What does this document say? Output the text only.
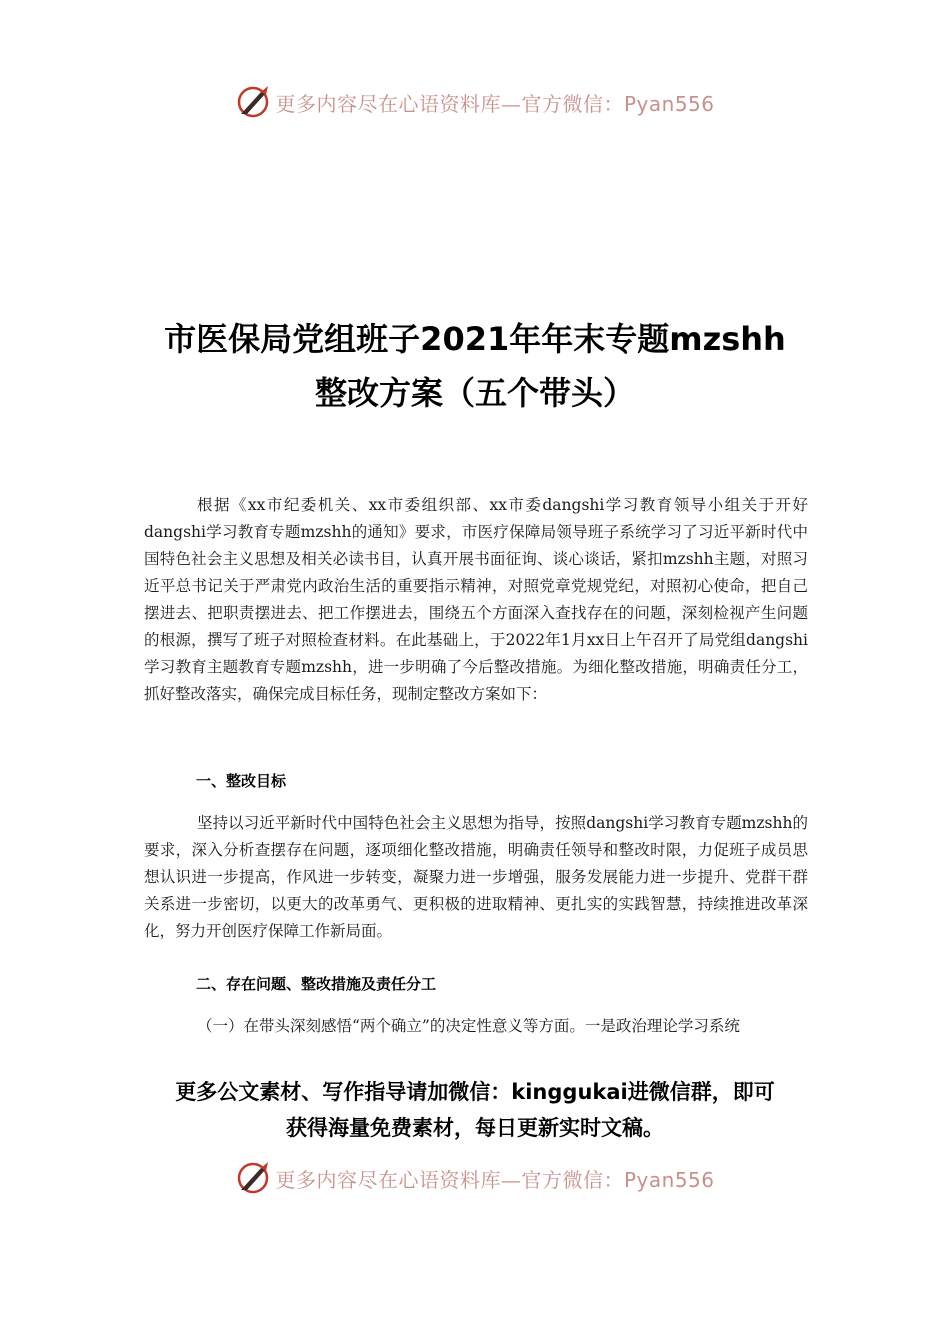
更多内容尽在心语资料库—官方微信：Pyan556
市医保局党组班子2021年年末专题mzshh
整改方案（五个带头）
根据《xx市纪委机关、xx市委组织部、xx市委dangshi学习教育领导小组关于开好dangshi学习教育专题mzshh的通知》要求，市医疗保障局领导班子系统学习了习近平新时代中国特色社会主义思想及相关必读书目，认真开展书面征询、谈心谈话，紧扣mzshh主题，对照习近平总书记关于严肃党内政治生活的重要指示精神，对照党章党规党纪，对照初心使命，把自己摆进去、把职责摆进去、把工作摆进去，围绕五个方面深入查找存在的问题，深刻检视产生问题的根源，撰写了班子对照检查材料。在此基础上，于2022年1月xx日上午召开了局党组dangshi学习教育主题教育专题mzshh，进一步明确了今后整改措施。为细化整改措施，明确责任分工，抓好整改落实，确保完成目标任务，现制定整改方案如下：
一、整改目标
坚持以习近平新时代中国特色社会主义思想为指导，按照dangshi学习教育专题mzshh的要求，深入分析查摆存在问题，逐项细化整改措施，明确责任领导和整改时限，力促班子成员思想认识进一步提高，作风进一步转变，凝聚力进一步增强，服务发展能力进一步提升、党群干群关系进一步密切，以更大的改革勇气、更积极的进取精神、更扎实的实践智慧，持续推进改革深化，努力开创医疗保障工作新局面。
二、存在问题、整改措施及责任分工
（一）在带头深刻感悟“两个确立”的决定性意义等方面。一是政治理论学习系统
更多公文素材、写作指导请加微信：kinggukai进微信群，即可
获得海量免费素材，每日更新实时文稿。
更多内容尽在心语资料库—官方微信：Pyan556
